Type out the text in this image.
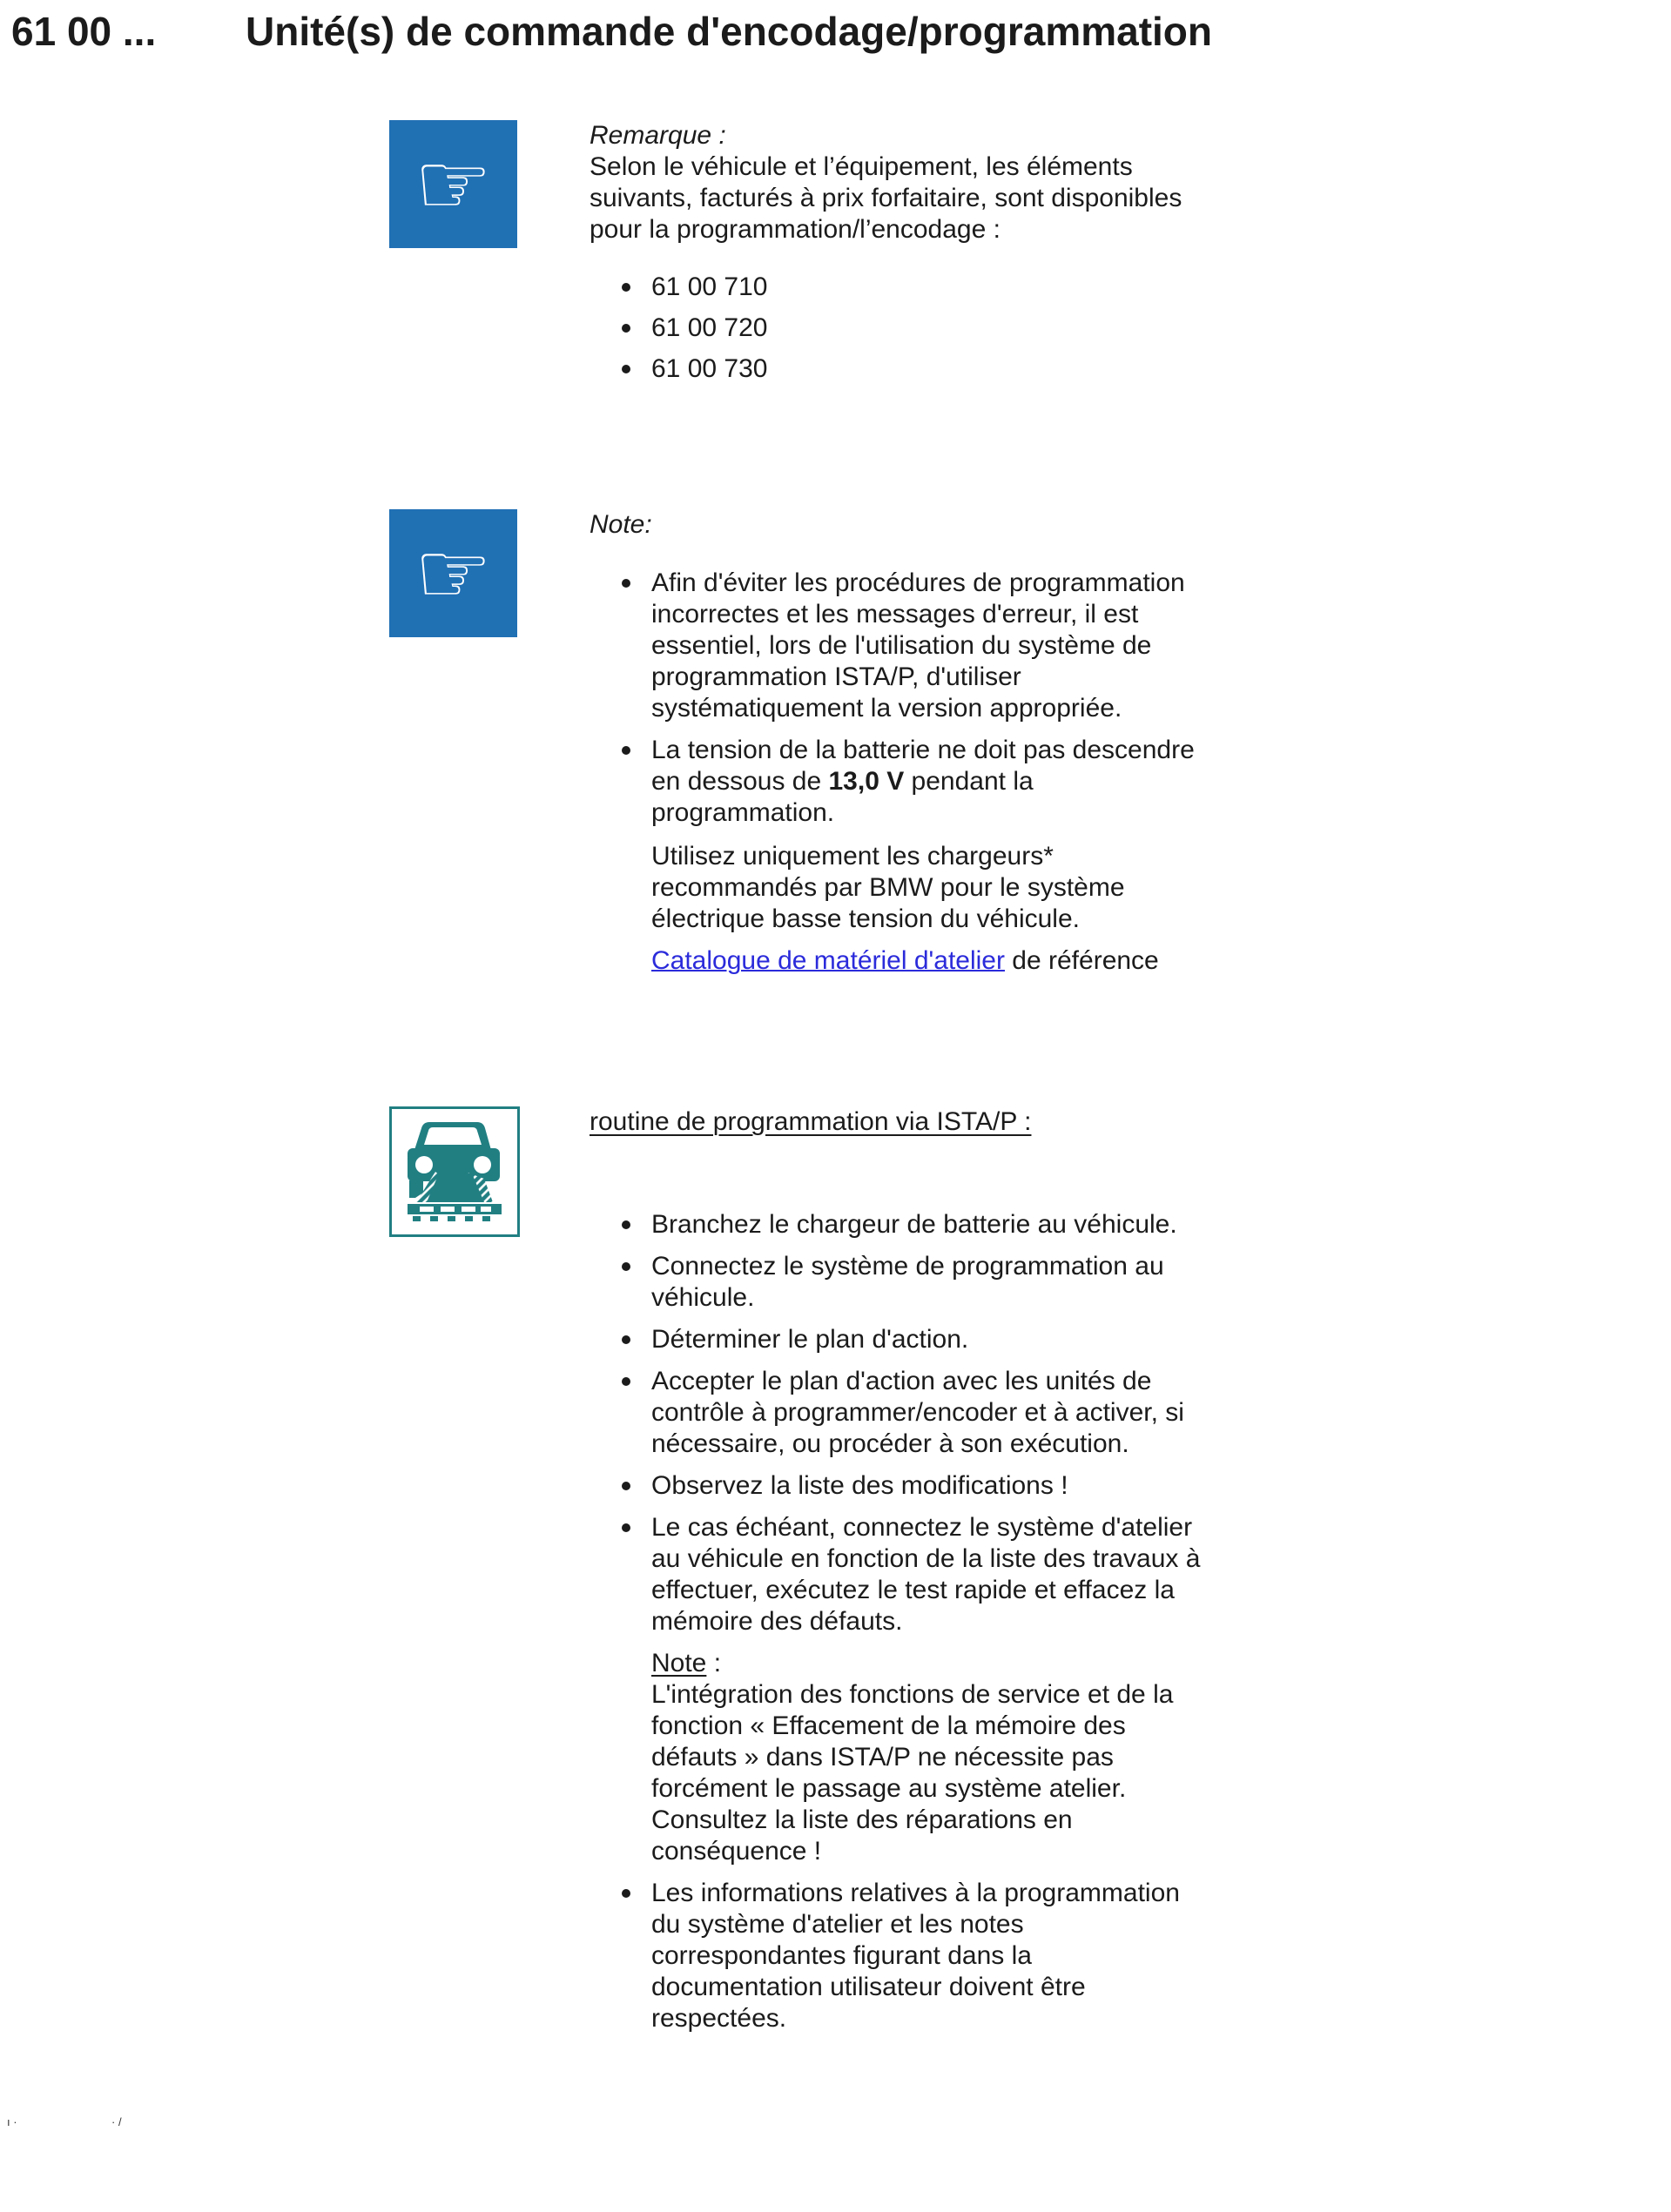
61 00 ... Unité(s) de commande d'encodage/programmation
☞	Remarque :

Selon le véhicule et l’équipement, les éléments suivants, facturés à prix forfaitaire, sont disponibles pour la programmation/l’encodage :

61 00 710
61 00 720
61 00 730
☞	Note:

Afin d'éviter les procédures de programmation incorrectes et les messages d'erreur, il est essentiel, lors de l'utilisation du système de programmation ISTA/P, d'utiliser systématiquement la version appropriée.
La tension de la batterie ne doit pas descendre en dessous de 13,0 V pendant la programmation.

Utilisez uniquement les chargeurs* recommandés par BMW pour le système électrique basse tension du véhicule.

Catalogue de matériel d'atelier de référence

routine de programmation via ISTA/P :

Branchez le chargeur de batterie au véhicule.
Connectez le système de programmation au véhicule.
Déterminer le plan d'action.
Accepter le plan d'action avec les unités de contrôle à programmer/encoder et à activer, si nécessaire, ou procéder à son exécution.
Observez la liste des modifications !
Le cas échéant, connectez le système d'atelier au véhicule en fonction de la liste des travaux à effectuer, exécutez le test rapide et effacez la mémoire des défauts.

Note :

L'intégration des fonctions de service et de la fonction « Effacement de la mémoire des défauts » dans ISTA/P ne nécessite pas forcément le passage au système atelier. Consultez la liste des réparations en conséquence !

Les informations relatives à la programmation du système d'atelier et les notes correspondantes figurant dans la documentation utilisateur doivent être respectées.
ı ·	· /
